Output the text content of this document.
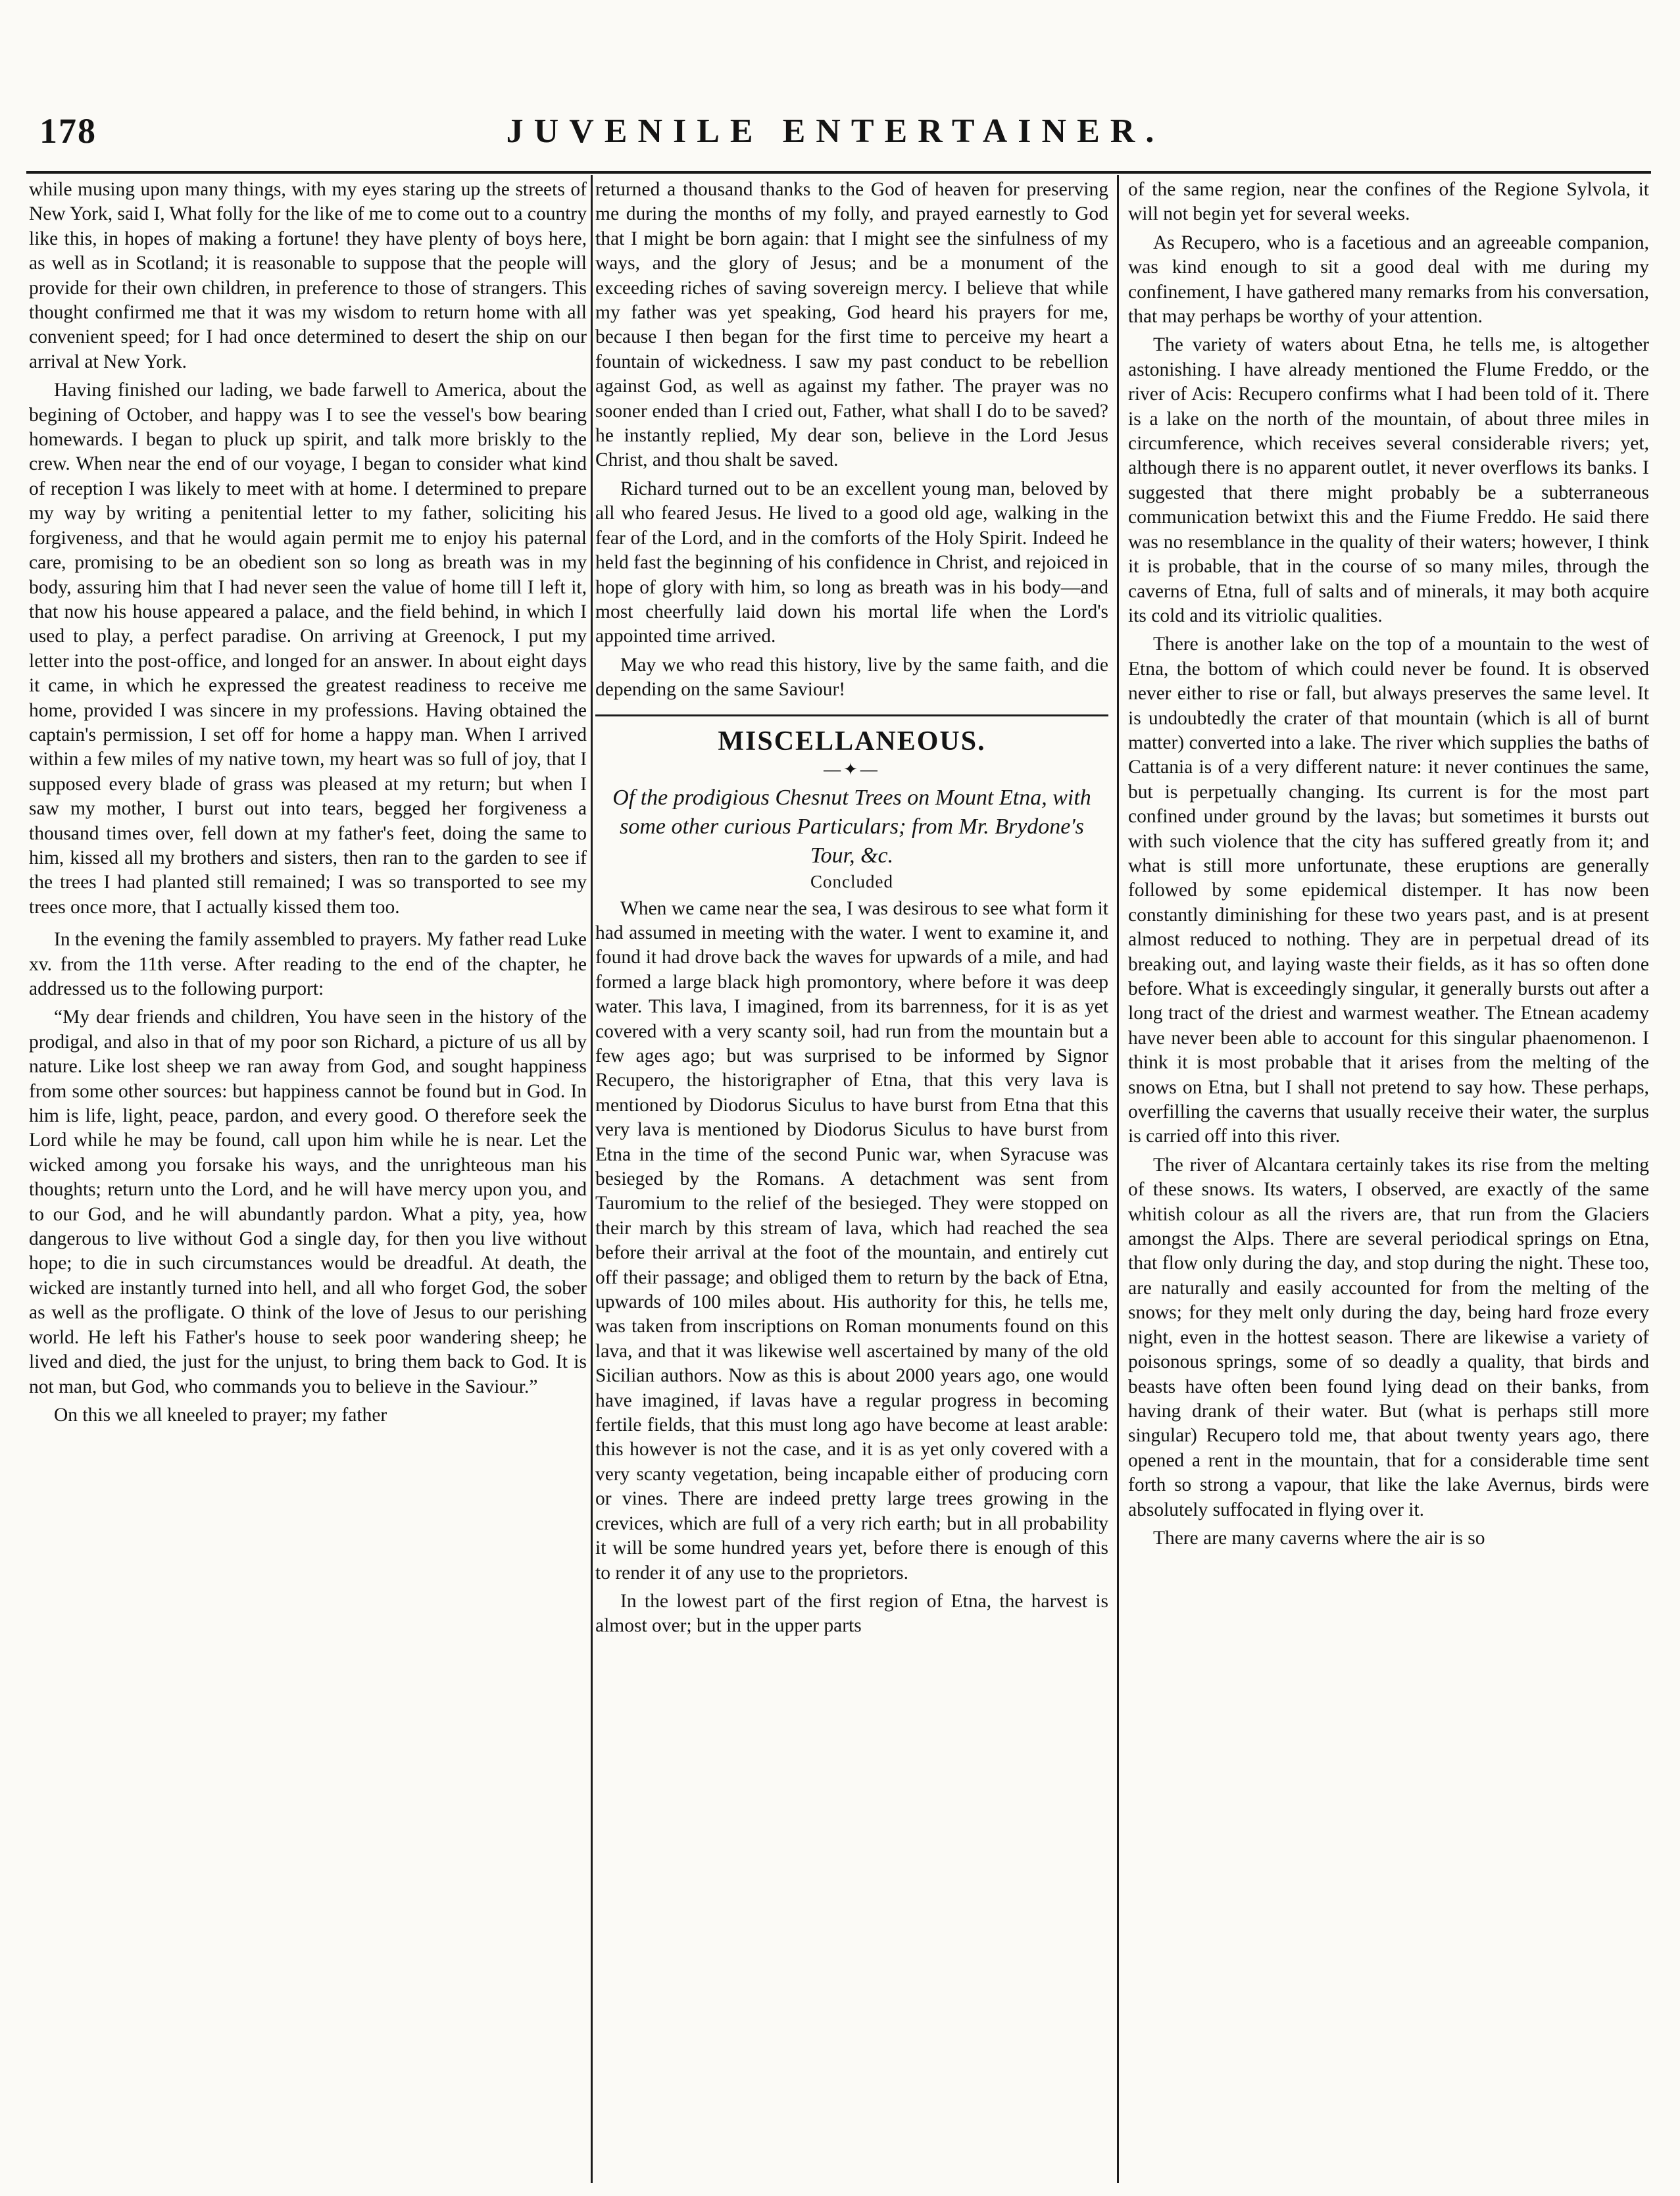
178	JUVENILE ENTERTAINER.

while musing upon many things, with my eyes staring up the streets of New York, said I, What folly for the like of me to come out to a country like this, in hopes of making a fortune! they have plenty of boys here, as well as in Scotland; it is reasonable to suppose that the people will provide for their own children, in preference to those of strangers. This thought confirmed me that it was my wisdom to return home with all convenient speed; for I had once determined to desert the ship on our arrival at New York.

Having finished our lading, we bade farwell to America, about the begining of October, and happy was I to see the vessel's bow bearing homewards. I began to pluck up spirit, and talk more briskly to the crew. When near the end of our voyage, I began to consider what kind of reception I was likely to meet with at home. I determined to prepare my way by writing a penitential letter to my father, soliciting his forgiveness, and that he would again permit me to enjoy his paternal care, promising to be an obedient son so long as breath was in my body, assuring him that I had never seen the value of home till I left it, that now his house appeared a palace, and the field behind, in which I used to play, a perfect paradise. On arriving at Greenock, I put my letter into the post-office, and longed for an answer. In about eight days it came, in which he expressed the greatest readiness to receive me home, provided I was sincere in my professions. Having obtained the captain's permission, I set off for home a happy man. When I arrived within a few miles of my native town, my heart was so full of joy, that I supposed every blade of grass was pleased at my return; but when I saw my mother, I burst out into tears, begged her forgiveness a thousand times over, fell down at my father's feet, doing the same to him, kissed all my brothers and sisters, then ran to the garden to see if the trees I had planted still remained; I was so transported to see my trees once more, that I actually kissed them too.

In the evening the family assembled to prayers. My father read Luke xv. from the 11th verse. After reading to the end of the chapter, he addressed us to the following purport:

“My dear friends and children, You have seen in the history of the prodigal, and also in that of my poor son Richard, a picture of us all by nature. Like lost sheep we ran away from God, and sought happiness from some other sources: but happiness cannot be found but in God. In him is life, light, peace, pardon, and every good. O therefore seek the Lord while he may be found, call upon him while he is near. Let the wicked among you forsake his ways, and the unrighteous man his thoughts; return unto the Lord, and he will have mercy upon you, and to our God, and he will abundantly pardon. What a pity, yea, how dangerous to live without God a single day, for then you live without hope; to die in such circumstances would be dreadful. At death, the wicked are instantly turned into hell, and all who forget God, the sober as well as the profligate. O think of the love of Jesus to our perishing world. He left his Father's house to seek poor wandering sheep; he lived and died, the just for the unjust, to bring them back to God. It is not man, but God, who commands you to believe in the Saviour.”

On this we all kneeled to prayer; my father

returned a thousand thanks to the God of heaven for preserving me during the months of my folly, and prayed earnestly to God that I might be born again: that I might see the sinfulness of my ways, and the glory of Jesus; and be a monument of the exceeding riches of saving sovereign mercy. I believe that while my father was yet speaking, God heard his prayers for me, because I then began for the first time to perceive my heart a fountain of wickedness. I saw my past conduct to be rebellion against God, as well as against my father. The prayer was no sooner ended than I cried out, Father, what shall I do to be saved? he instantly replied, My dear son, believe in the Lord Jesus Christ, and thou shalt be saved.

Richard turned out to be an excellent young man, beloved by all who feared Jesus. He lived to a good old age, walking in the fear of the Lord, and in the comforts of the Holy Spirit. Indeed he held fast the beginning of his confidence in Christ, and rejoiced in hope of glory with him, so long as breath was in his body—and most cheerfully laid down his mortal life when the Lord's appointed time arrived.

May we who read this history, live by the same faith, and die depending on the same Saviour!

MISCELLANEOUS.
—✦—
Of the prodigious Chesnut Trees on Mount Etna, with some other curious Particulars; from Mr. Brydone's Tour, &c.
Concluded

When we came near the sea, I was desirous to see what form it had assumed in meeting with the water. I went to examine it, and found it had drove back the waves for upwards of a mile, and had formed a large black high promontory, where before it was deep water. This lava, I imagined, from its barrenness, for it is as yet covered with a very scanty soil, had run from the mountain but a few ages ago; but was surprised to be informed by Signor Recupero, the historigrapher of Etna, that this very lava is mentioned by Diodorus Siculus to have burst from Etna that this very lava is mentioned by Diodorus Siculus to have burst from Etna in the time of the second Punic war, when Syracuse was besieged by the Romans. A detachment was sent from Tauromium to the relief of the besieged. They were stopped on their march by this stream of lava, which had reached the sea before their arrival at the foot of the mountain, and entirely cut off their passage; and obliged them to return by the back of Etna, upwards of 100 miles about. His authority for this, he tells me, was taken from inscriptions on Roman monuments found on this lava, and that it was likewise well ascertained by many of the old Sicilian authors. Now as this is about 2000 years ago, one would have imagined, if lavas have a regular progress in becoming fertile fields, that this must long ago have become at least arable: this however is not the case, and it is as yet only covered with a very scanty vegetation, being incapable either of producing corn or vines. There are indeed pretty large trees growing in the crevices, which are full of a very rich earth; but in all probability it will be some hundred years yet, before there is enough of this to render it of any use to the proprietors.

In the lowest part of the first region of Etna, the harvest is almost over; but in the upper parts

of the same region, near the confines of the Regione Sylvola, it will not begin yet for several weeks.

As Recupero, who is a facetious and an agreeable companion, was kind enough to sit a good deal with me during my confinement, I have gathered many remarks from his conversation, that may perhaps be worthy of your attention.

The variety of waters about Etna, he tells me, is altogether astonishing. I have already mentioned the Flume Freddo, or the river of Acis: Recupero confirms what I had been told of it. There is a lake on the north of the mountain, of about three miles in circumference, which receives several considerable rivers; yet, although there is no apparent outlet, it never overflows its banks. I suggested that there might probably be a subterraneous communication betwixt this and the Fiume Freddo. He said there was no resemblance in the quality of their waters; however, I think it is probable, that in the course of so many miles, through the caverns of Etna, full of salts and of minerals, it may both acquire its cold and its vitriolic qualities.

There is another lake on the top of a mountain to the west of Etna, the bottom of which could never be found. It is observed never either to rise or fall, but always preserves the same level. It is undoubtedly the crater of that mountain (which is all of burnt matter) converted into a lake. The river which supplies the baths of Cattania is of a very different nature: it never continues the same, but is perpetually changing. Its current is for the most part confined under ground by the lavas; but sometimes it bursts out with such violence that the city has suffered greatly from it; and what is still more unfortunate, these eruptions are generally followed by some epidemical distemper. It has now been constantly diminishing for these two years past, and is at present almost reduced to nothing. They are in perpetual dread of its breaking out, and laying waste their fields, as it has so often done before. What is exceedingly singular, it generally bursts out after a long tract of the driest and warmest weather. The Etnean academy have never been able to account for this singular phaenomenon. I think it is most probable that it arises from the melting of the snows on Etna, but I shall not pretend to say how. These perhaps, overfilling the caverns that usually receive their water, the surplus is carried off into this river.

The river of Alcantara certainly takes its rise from the melting of these snows. Its waters, I observed, are exactly of the same whitish colour as all the rivers are, that run from the Glaciers amongst the Alps. There are several periodical springs on Etna, that flow only during the day, and stop during the night. These too, are naturally and easily accounted for from the melting of the snows; for they melt only during the day, being hard froze every night, even in the hottest season. There are likewise a variety of poisonous springs, some of so deadly a quality, that birds and beasts have often been found lying dead on their banks, from having drank of their water. But (what is perhaps still more singular) Recupero told me, that about twenty years ago, there opened a rent in the mountain, that for a considerable time sent forth so strong a vapour, that like the lake Avernus, birds were absolutely suffocated in flying over it.

There are many caverns where the air is so
